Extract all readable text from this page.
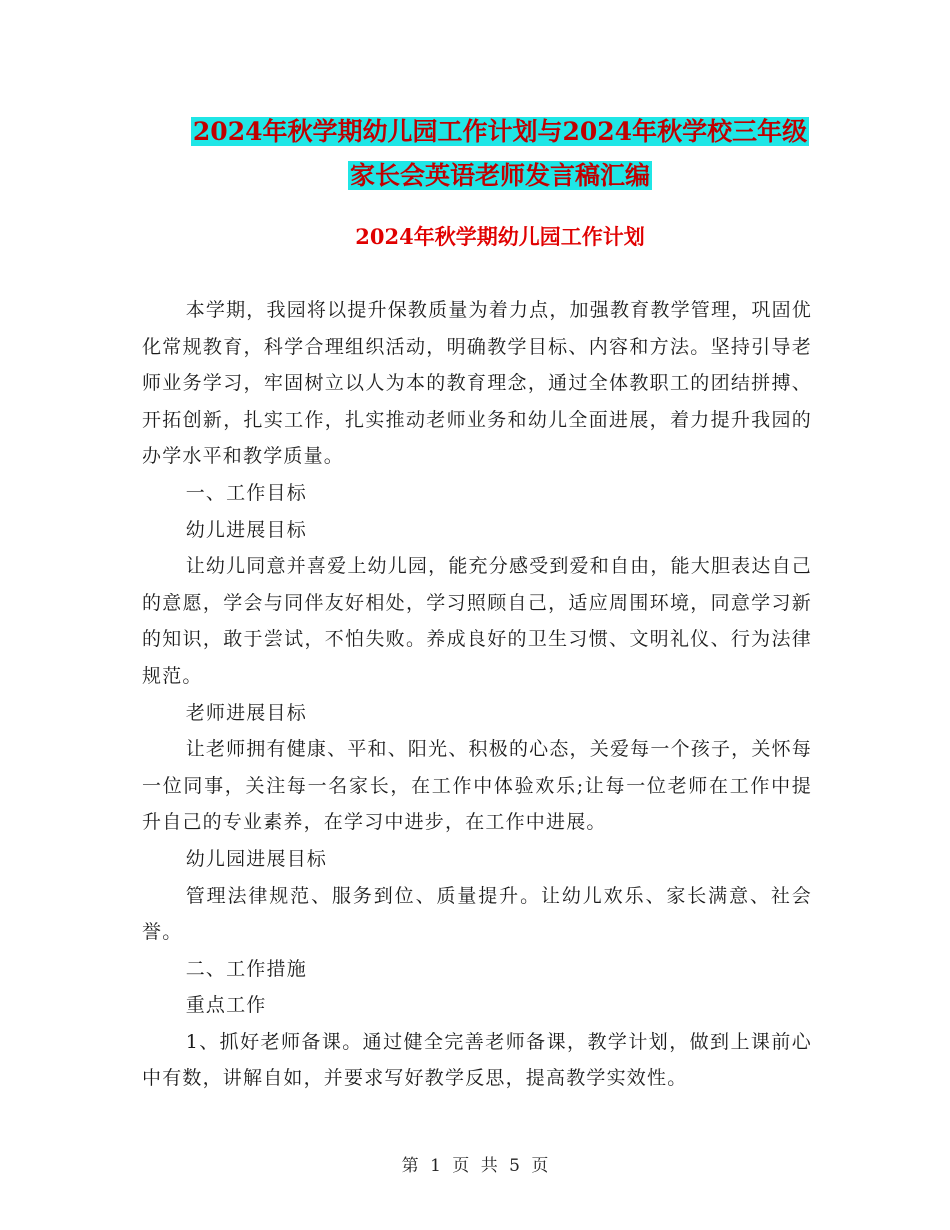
2024年秋学期幼儿园工作计划与2024年秋学校三年级
家长会英语老师发言稿汇编
2024年秋学期幼儿园工作计划

本学期，我园将以提升保教质量为着力点，加强教育教学管理，巩固优化常规教育，科学合理组织活动，明确教学目标、内容和方法。坚持引导老师业务学习，牢固树立以人为本的教育理念，通过全体教职工的团结拼搏、开拓创新，扎实工作，扎实推动老师业务和幼儿全面进展，着力提升我园的办学水平和教学质量。

一、工作目标

幼儿进展目标

让幼儿同意并喜爱上幼儿园，能充分感受到爱和自由，能大胆表达自己的意愿，学会与同伴友好相处，学习照顾自己，适应周围环境，同意学习新的知识，敢于尝试，不怕失败。养成良好的卫生习惯、文明礼仪、行为法律规范。

老师进展目标

让老师拥有健康、平和、阳光、积极的心态，关爱每一个孩子，关怀每一位同事，关注每一名家长，在工作中体验欢乐;让每一位老师在工作中提升自己的专业素养，在学习中进步，在工作中进展。

幼儿园进展目标

管理法律规范、服务到位、质量提升。让幼儿欢乐、家长满意、社会誉。

二、工作措施

重点工作

1、抓好老师备课。通过健全完善老师备课，教学计划，做到上课前心中有数，讲解自如，并要求写好教学反思，提高教学实效性。

第 1 页 共 5 页
